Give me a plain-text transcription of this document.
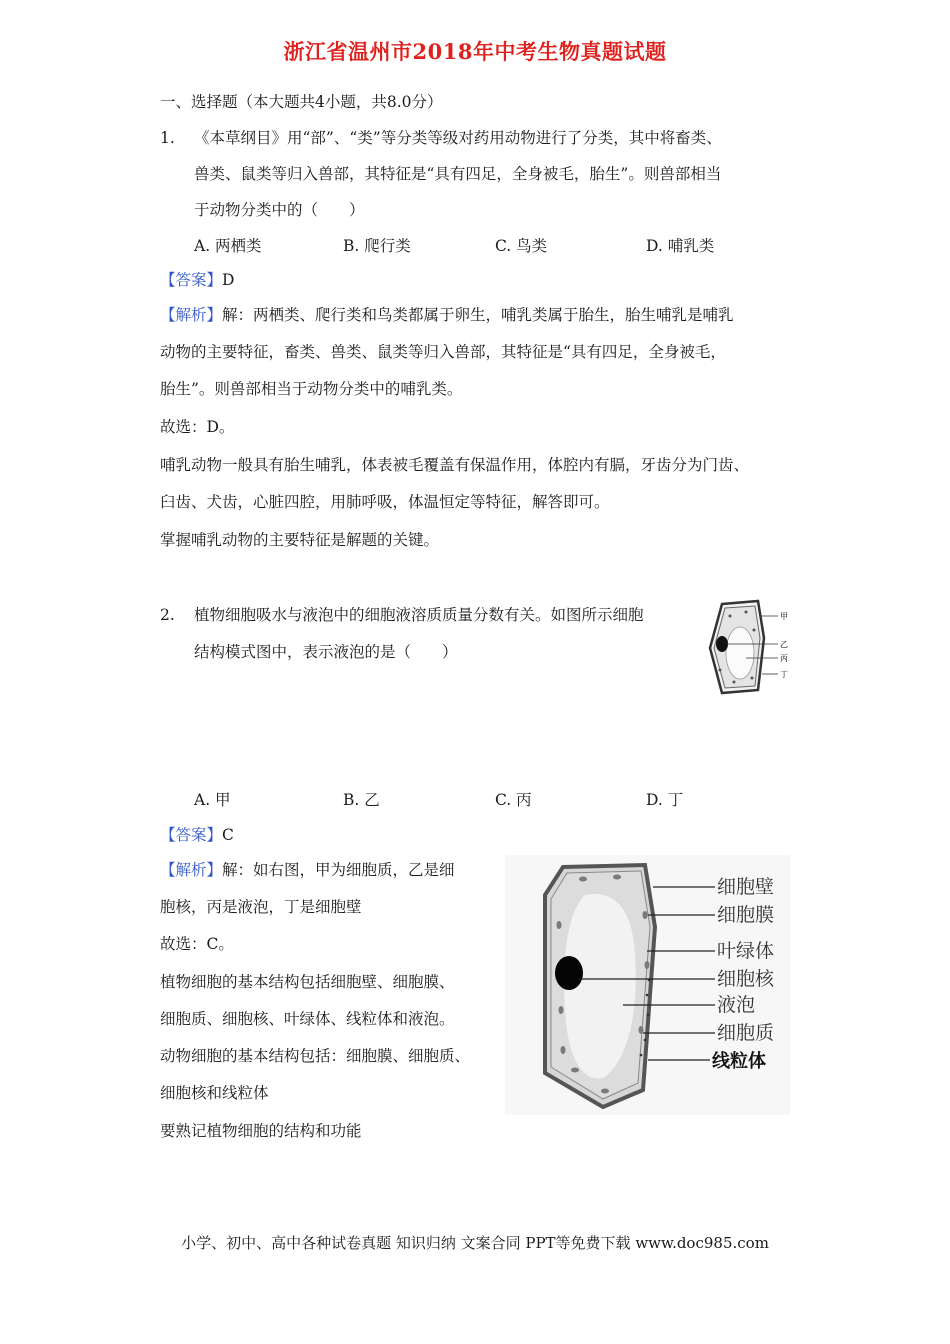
浙江省温州市2018年中考生物真题试题
一、选择题（本大题共4小题，共8.0分）
1. 《本草纲目》用“部”、“类”等分类等级对药用动物进行了分类，其中将畜类、
兽类、鼠类等归入兽部，其特征是“具有四足，全身被毛，胎生”。则兽部相当
于动物分类中的（　　）
A. 两栖类	B. 爬行类	C. 鸟类	D. 哺乳类
【答案】D
【解析】解：两栖类、爬行类和鸟类都属于卵生，哺乳类属于胎生，胎生哺乳是哺乳
动物的主要特征，畜类、兽类、鼠类等归入兽部，其特征是“具有四足，全身被毛，
胎生”。则兽部相当于动物分类中的哺乳类。
故选：D。
哺乳动物一般具有胎生哺乳，体表被毛覆盖有保温作用，体腔内有膈，牙齿分为门齿、
臼齿、犬齿，心脏四腔，用肺呼吸，体温恒定等特征，解答即可。
掌握哺乳动物的主要特征是解题的关键。
2. 植物细胞吸水与液泡中的细胞液溶质质量分数有关。如图所示细胞
结构模式图中，表示液泡的是（　　）
甲
乙
丙
丁
A. 甲	B. 乙	C. 丙	D. 丁
【答案】C
【解析】解：如右图，甲为细胞质，乙是细
胞核，丙是液泡，丁是细胞壁
故选：C。
植物细胞的基本结构包括细胞壁、细胞膜、
细胞质、细胞核、叶绿体、线粒体和液泡。
动物细胞的基本结构包括：细胞膜、细胞质、
细胞核和线粒体
要熟记植物细胞的结构和功能
细胞壁
细胞膜
叶绿体
细胞核
液泡
细胞质
线粒体
小学、初中、高中各种试卷真题 知识归纳 文案合同 PPT等免费下载 www.doc985.com
